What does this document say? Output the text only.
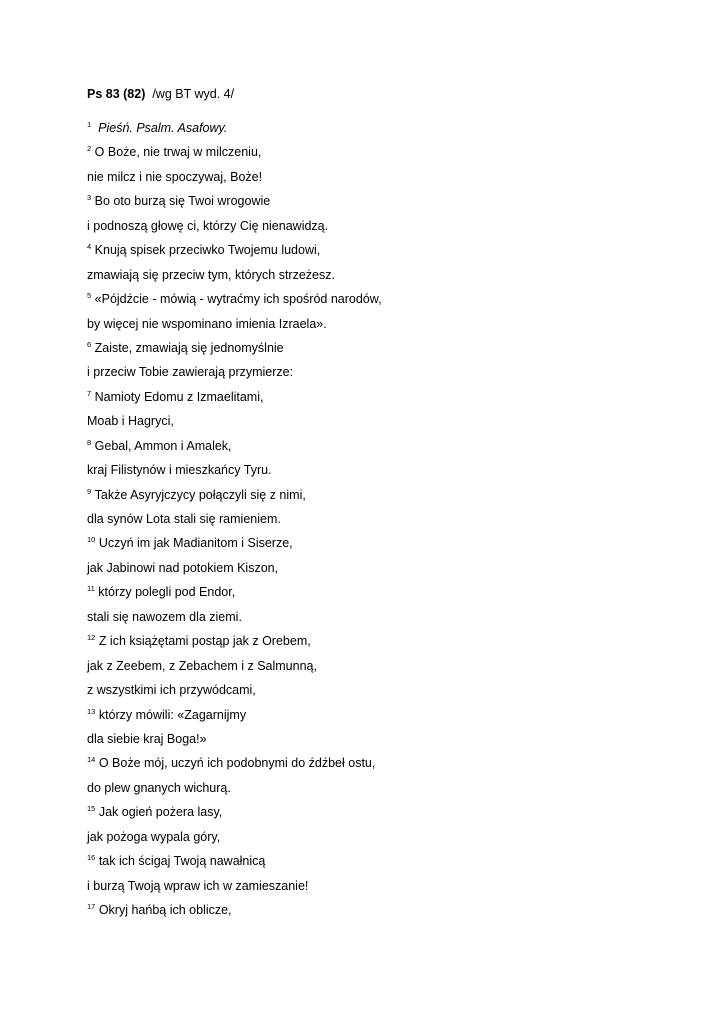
Ps 83 (82) /wg BT wyd. 4/
$^1$ Pieśń. Psalm. Asafowy.
$^2$ O Boże, nie trwaj w milczeniu,
nie milcz i nie spoczywaj, Boże!
$^3$ Bo oto burzą się Twoi wrogowie
i podnoszą głowę ci, którzy Cię nienawidzą.
$^4$ Knują spisek przeciwko Twojemu ludowi,
zmawiają się przeciw tym, których strzeżesz.
$^5$ «Pójdźcie - mówią - wytraćmy ich spośród narodów,
by więcej nie wspominano imienia Izraela».
$^6$ Zaiste, zmawiają się jednomyślnie
i przeciw Tobie zawierają przymierze:
$^7$ Namioty Edomu z Izmaelitami,
Moab i Hagryci,
$^8$ Gebal, Ammon i Amalek,
kraj Filistynów i mieszkańcy Tyru.
$^9$ Także Asyryjczycy połączyli się z nimi,
dla synów Lota stali się ramieniem.
$^{10}$ Uczyń im jak Madianitom i Siserze,
jak Jabinowi nad potokiem Kiszon,
$^{11}$ którzy polegli pod Endor,
stali się nawozem dla ziemi.
$^{12}$ Z ich książętami postąp jak z Orebem,
jak z Zeebem, z Zebachem i z Salmunną,
z wszystkimi ich przywódcami,
$^{13}$ którzy mówili: «Zagarnijmy
dla siebie kraj Boga!»
$^{14}$ O Boże mój, uczyń ich podobnymi do źdźbeł ostu,
do plew gnanych wichurą.
$^{15}$ Jak ogień pożera lasy,
jak pożoga wypala góry,
$^{16}$ tak ich ścigaj Twoją nawałnicą
i burzą Twoją wpraw ich w zamieszanie!
$^{17}$ Okryj hańbą ich oblicze,
